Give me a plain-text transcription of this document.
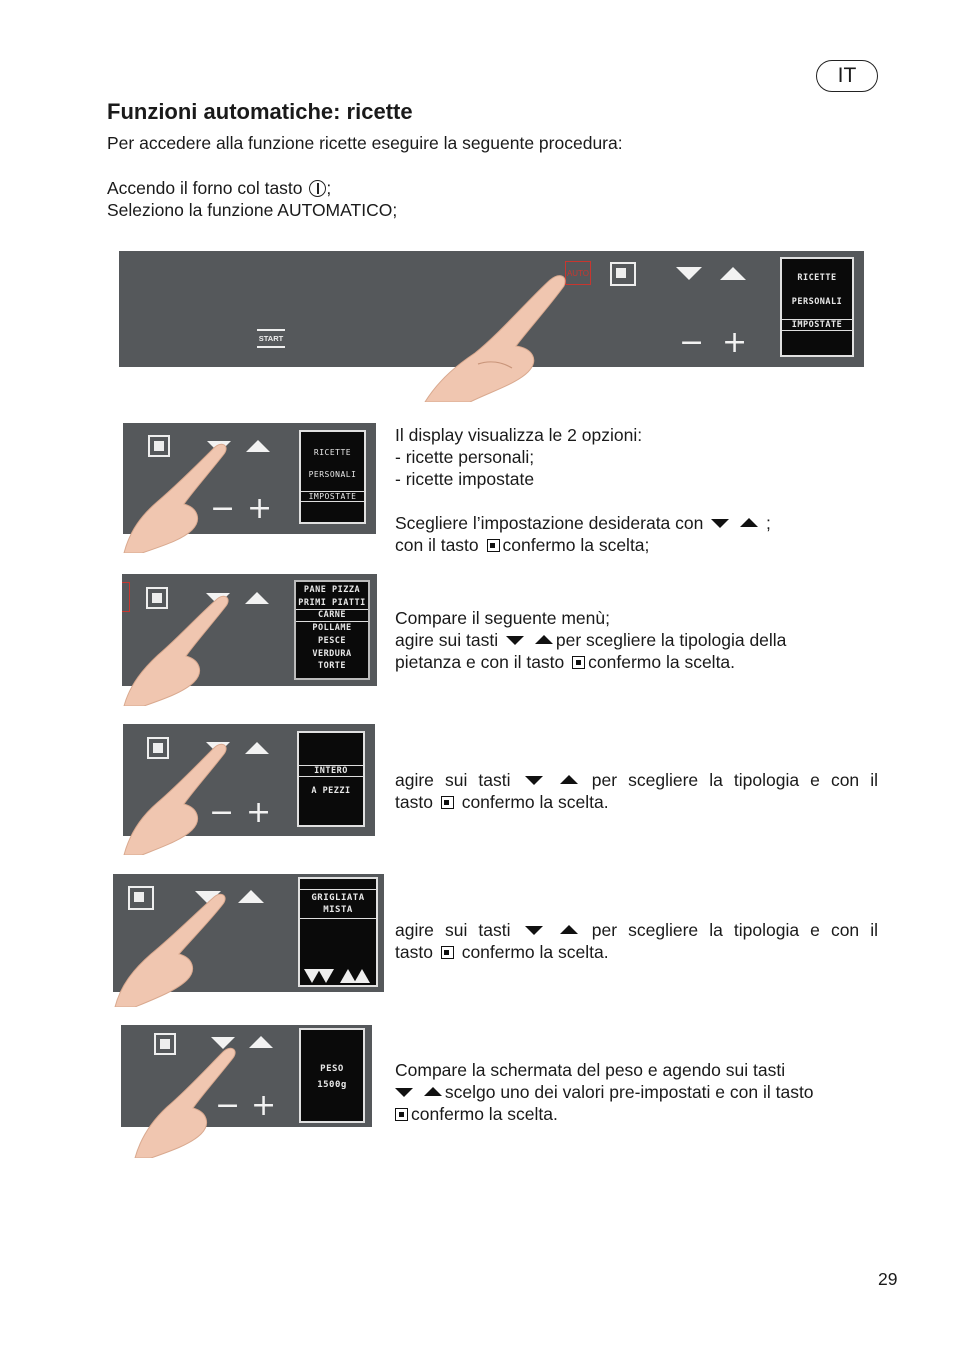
IT
Funzioni automatiche: ricette
Per accedere alla funzione ricette eseguire la seguente procedura:
Accendo il forno col tasto ;
Seleziono la funzione AUTOMATICO;
AUTO
− +
START
RICETTE
PERSONALI
IMPOSTATE
− +
RICETTE
PERSONALI
IMPOSTATE
Il display visualizza le 2 opzioni:
- ricette personali;
- ricette impostate
Scegliere l’impostazione desiderata con	;
con il tasto confermo la scelta;
PANE PIZZA
PRIMI PIATTI
CARNE
POLLAME
PESCE
VERDURA
TORTE
Compare il seguente menù;
agire sui tasti	per scegliere la tipologia della
pietanza e con il tasto confermo la scelta.
− +
INTERO
A PEZZI
agire sui tasti	per scegliere la tipologia e con il
tasto confermo la scelta.
GRIGLIATA
MISTA
agire sui tasti	per scegliere la tipologia e con il
tasto confermo la scelta.
− +
PESO
1500g
Compare la schermata del peso e agendo sui tasti
scelgo uno dei valori pre-impostati e con il tasto
confermo la scelta.
29
